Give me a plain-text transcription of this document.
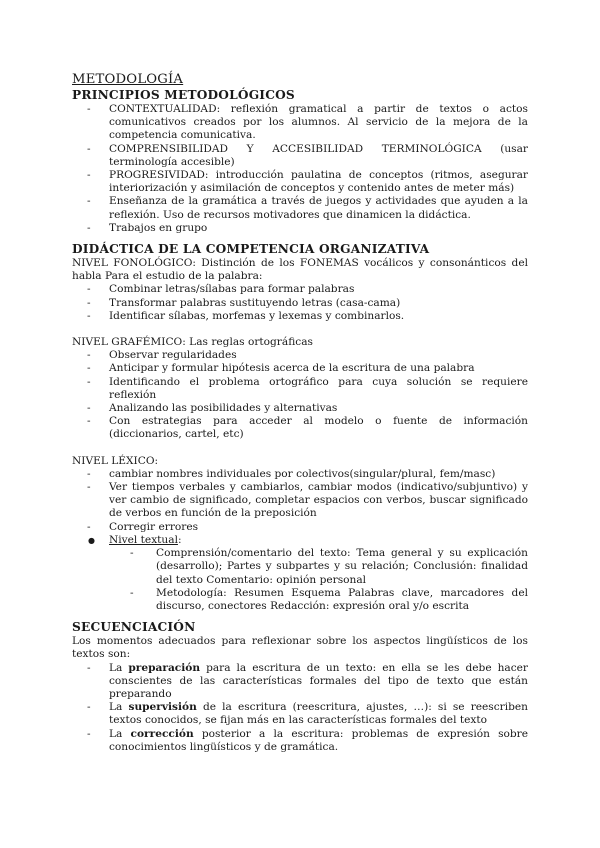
METODOLOGÍA
PRINCIPIOS METODOLÓGICOS
- CONTEXTUALIDAD: reflexión gramatical a partir de textos o actos comunicativos creados por los alumnos. Al servicio de la mejora de la competencia comunicativa.
- COMPRENSIBILIDAD Y ACCESIBILIDAD TERMINOLÓGICA (usar terminología accesible)
- PROGRESIVIDAD: introducción paulatina de conceptos (ritmos, asegurar interiorización y asimilación de conceptos y contenido antes de meter más)
- Enseñanza de la gramática a través de juegos y actividades que ayuden a la reflexión. Uso de recursos motivadores que dinamicen la didáctica.
- Trabajos en grupo
DIDÁCTICA DE LA COMPETENCIA ORGANIZATIVA

NIVEL FONOLÓGICO: Distinción de los FONEMAS vocálicos y consonánticos del habla Para el estudio de la palabra:

- Combinar letras/sílabas para formar palabras
- Transformar palabras sustituyendo letras (casa-cama)
- Identificar sílabas, morfemas y lexemas y combinarlos.

NIVEL GRAFÉMICO: Las reglas ortográficas

- Observar regularidades
- Anticipar y formular hipótesis acerca de la escritura de una palabra
- Identificando el problema ortográfico para cuya solución se requiere reflexión
- Analizando las posibilidades y alternativas
- Con estrategias para acceder al modelo o fuente de información (diccionarios, cartel, etc)

NIVEL LÉXICO:

- cambiar nombres individuales por colectivos(singular/plural, fem/masc)
- Ver tiempos verbales y cambiarlos, cambiar modos (indicativo/subjuntivo) y ver cambio de significado, completar espacios con verbos, buscar significado de verbos en función de la preposición
- Corregir errores
● Nivel textual:
- Comprensión/comentario del texto: Tema general y su explicación (desarrollo); Partes y subpartes y su relación; Conclusión: finalidad del texto Comentario: opinión personal
- Metodología: Resumen Esquema Palabras clave, marcadores del discurso, conectores Redacción: expresión oral y/o escrita
SECUENCIACIÓN

Los momentos adecuados para reflexionar sobre los aspectos lingüísticos de los textos son:

- La preparación para la escritura de un texto: en ella se les debe hacer conscientes de las características formales del tipo de texto que están preparando
- La supervisión de la escritura (reescritura, ajustes, …): si se reescriben textos conocidos, se fijan más en las características formales del texto
- La corrección posterior a la escritura: problemas de expresión sobre conocimientos lingüísticos y de gramática.
